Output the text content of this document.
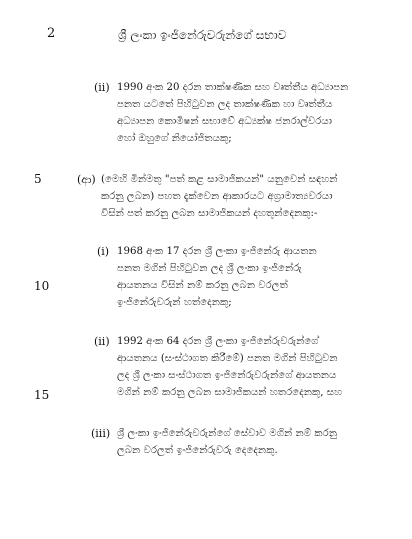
2	ශ්‍රී ලංකා ඉංජිනේරුවරුන්ගේ සභාව
5
10
15
(ii) 1990 අංක 20 දරන තාක්ෂණික සහ වෘත්තීය අධ්‍යාපන
පනත යටතේ පිහිටුවන ලද තාක්ෂණික හා වෘත්තීය
අධ්‍යාපන කොමිෂන් සභාවේ අධ්‍යක්ෂ ජනරාල්වරයා
හෝ ඔහුගේ නියෝජිතයකු;
(ආ) (මෙහි මින්මතු "පත් කළ සාමාජිකයන්" යනුවෙන් සඳහන්
කරනු ලබන) පහත දැක්වෙන ආකාරයට අග්‍රාමාත්‍යවරයා
විසින් පත් කරනු ලබන සාමාජිකයන් දහතුන්දෙනකු:-
(i) 1968 අංක 17 දරන ශ්‍රී ලංකා ඉංජිනේරු ආයතන
පනත මගින් පිහිටුවන ලද ශ්‍රී ලංකා ඉංජිනේරු
ආයතනය විසින් නම් කරනු ලබන වරලත්
ඉංජිනේරුවරුන් හත්දෙනකු;
(ii) 1992 අංක 64 දරන ශ්‍රී ලංකා ඉංජිනේරුවරුන්ගේ
ආයතනය (සංස්ථාගත කිරීමේ) පනත මගින් පිහිටුවන
ලද ශ්‍රී ලංකා සංස්ථාගත ඉංජිනේරුවරුන්ගේ ආයතනය
මගින් නම් කරනු ලබන සාමාජිකයන් හතරදෙනකු, සහ
(iii) ශ්‍රී ලංකා ඉංජිනේරුවරුන්ගේ සේවාව මගින් නම් කරනු
ලබන වරලත් ඉංජිනේරුවරු දෙදෙනකු.
